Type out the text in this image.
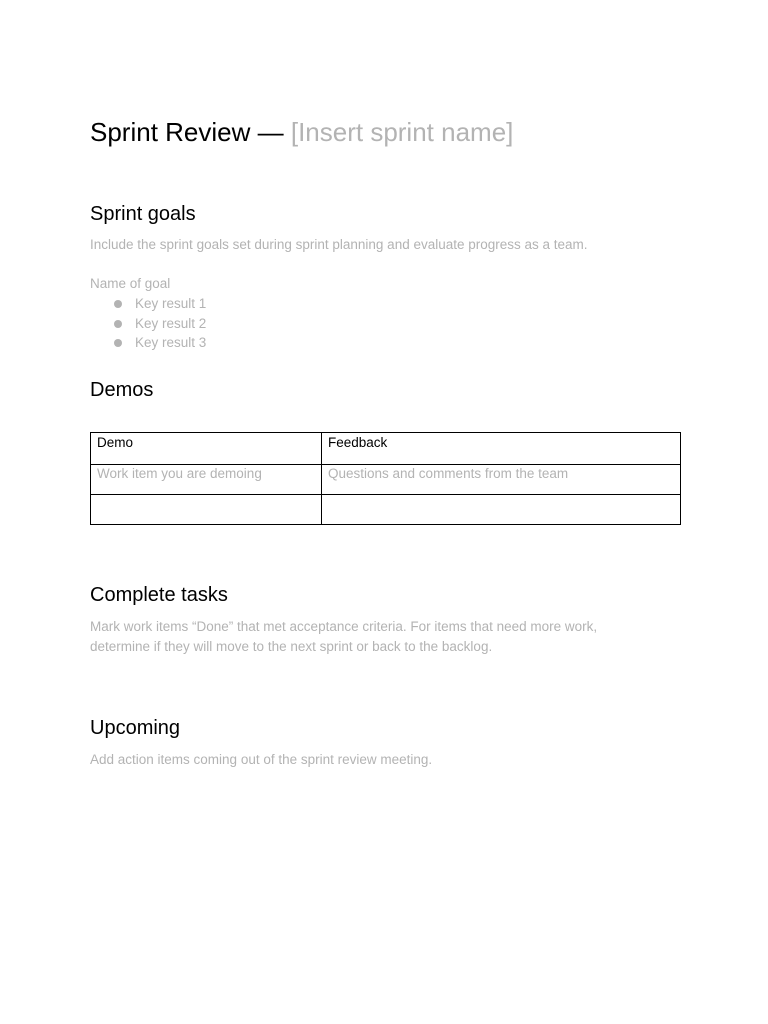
Sprint Review — [Insert sprint name]
Sprint goals
Include the sprint goals set during sprint planning and evaluate progress as a team.
Name of goal
Key result 1
Key result 2
Key result 3
Demos
Demo	Feedback
Work item you are demoing	Questions and comments from the team

Complete tasks
Mark work items “Done” that met acceptance criteria. For items that need more work,
determine if they will move to the next sprint or back to the backlog.
Upcoming
Add action items coming out of the sprint review meeting.
